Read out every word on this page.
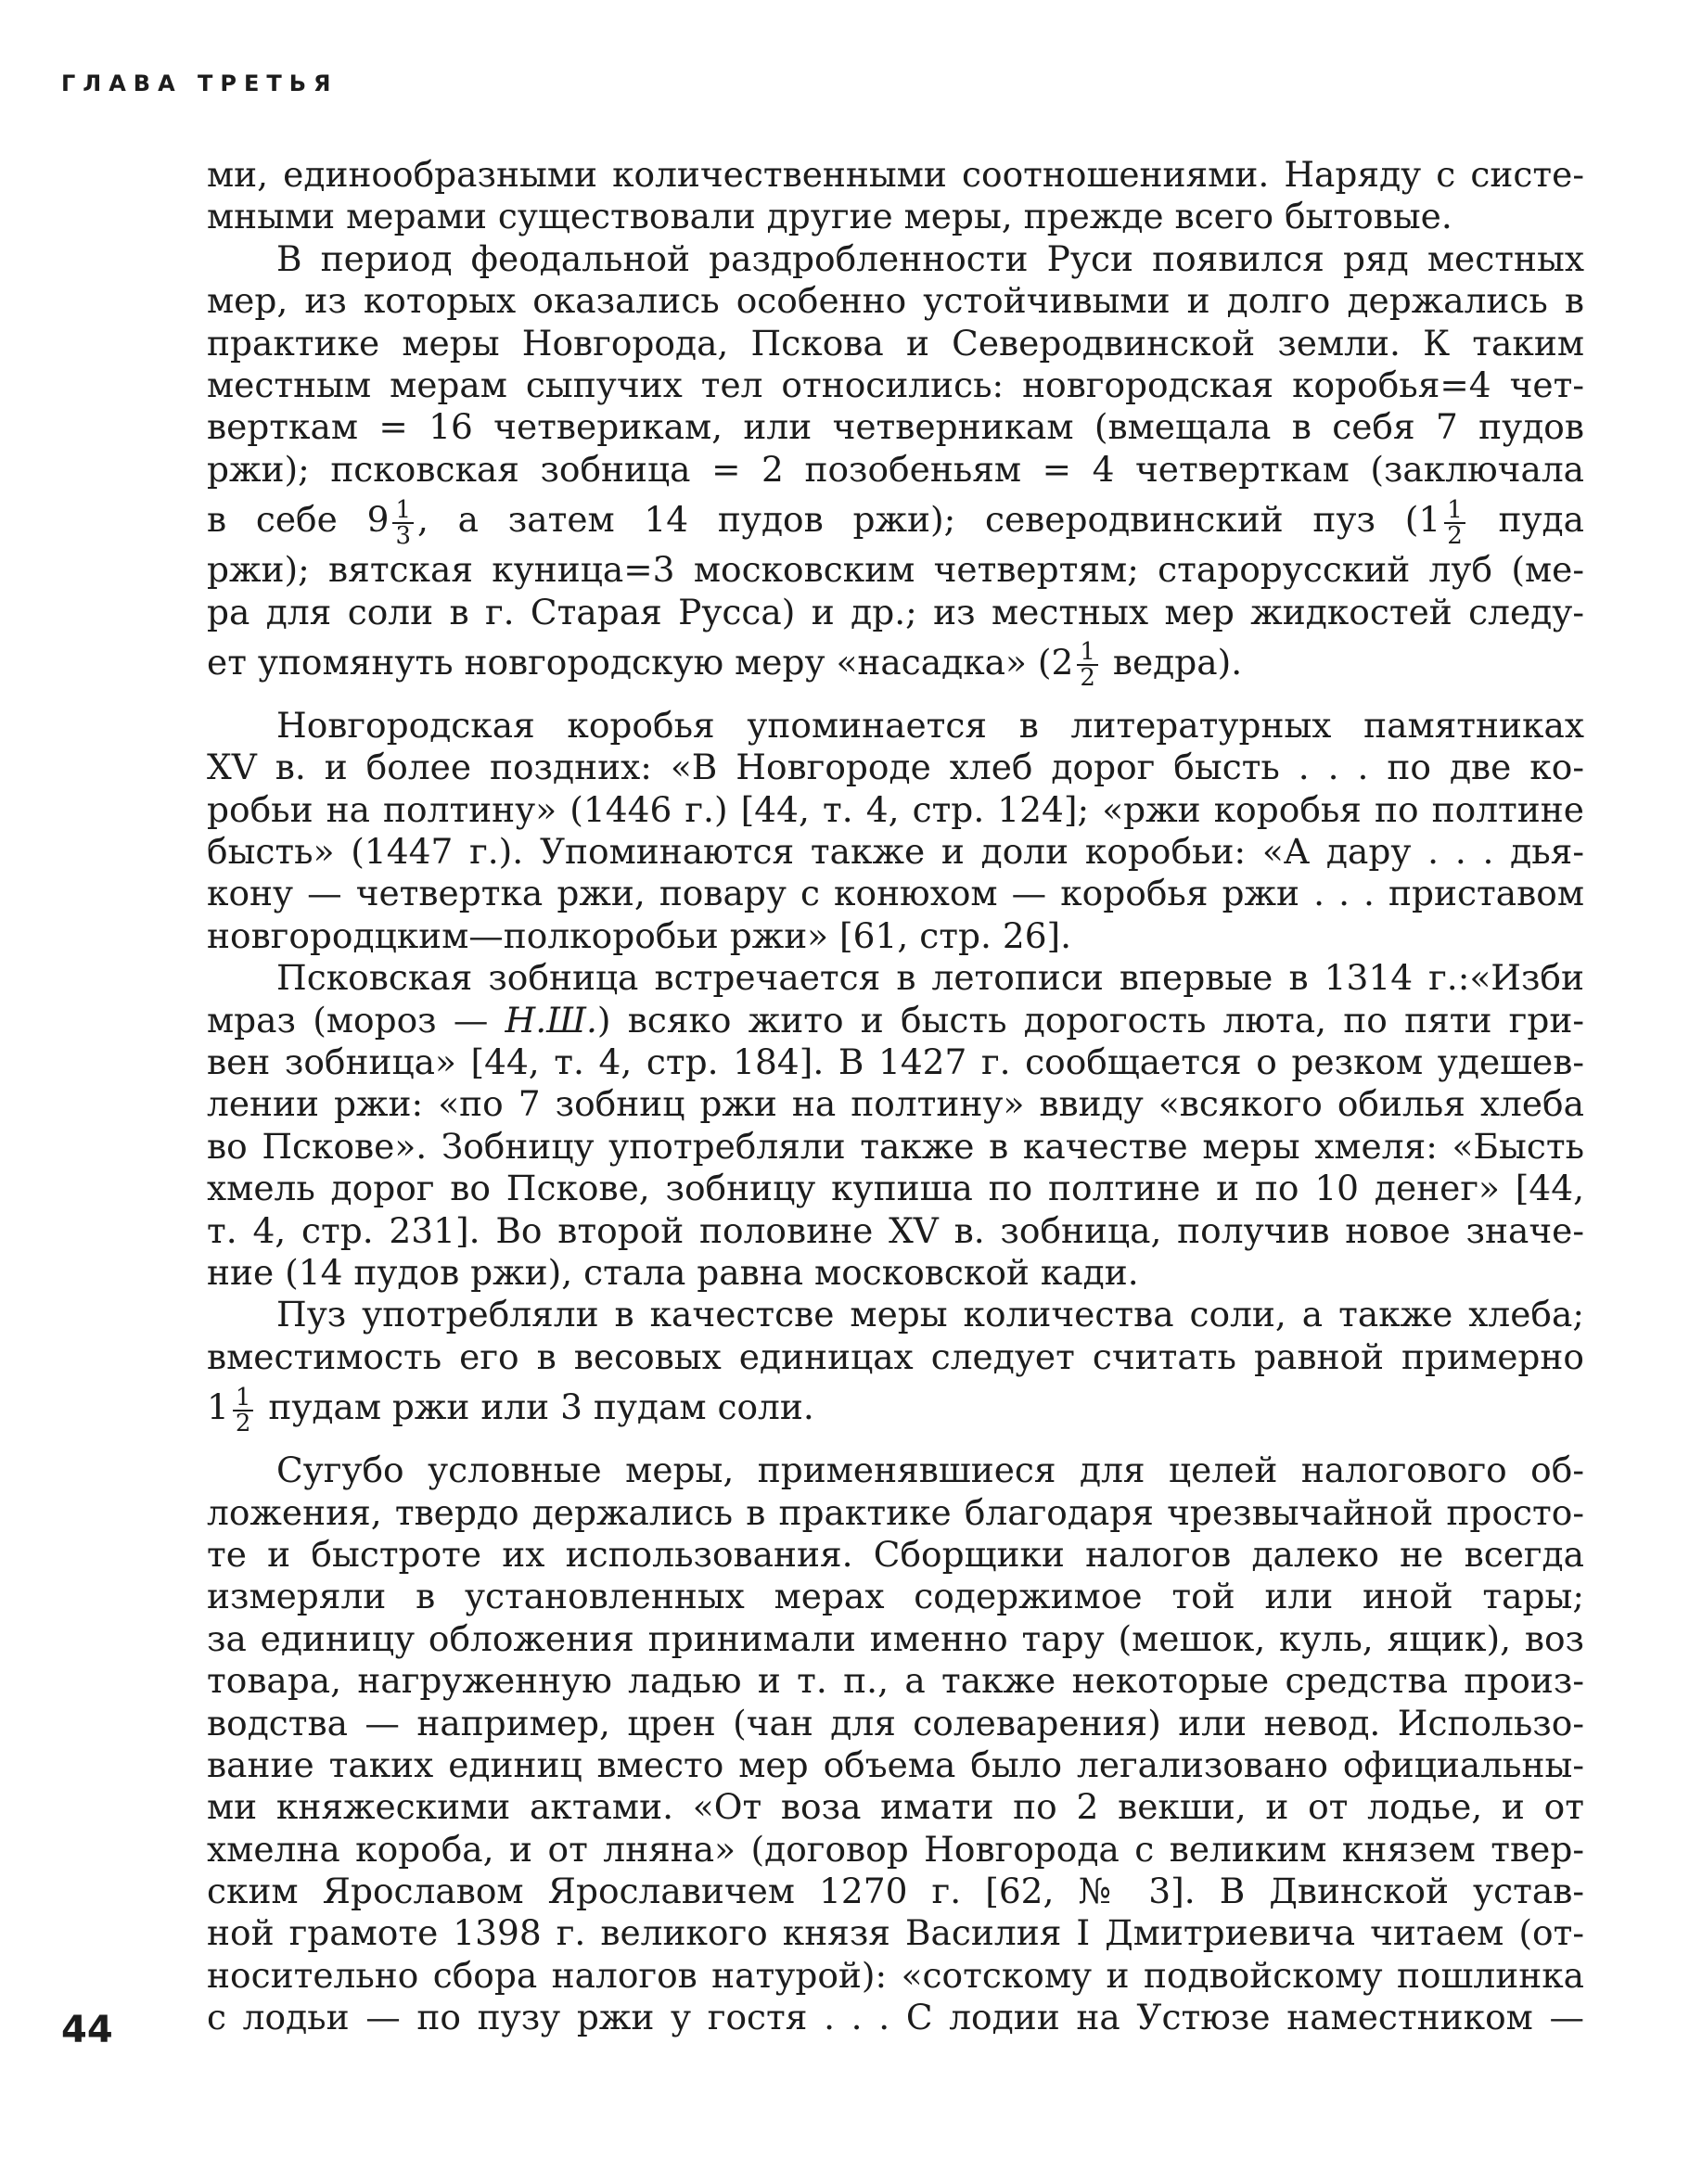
ГЛАВА ТРЕТЬЯ
ми, единообразными количественными соотношениями. Наряду с систе-
мными мерами существовали другие меры, прежде всего бытовые.
В период феодальной раздробленности Руси появился ряд местных
мер, из которых оказались особенно устойчивыми и долго держались в
практике меры Новгорода, Пскова и Северодвинской земли. К таким
местным мерам сыпучих тел относились: новгородская коробья=4 чет-
верткам = 16 четверикам, или четверникам (вмещала в себя 7 пудов
ржи); псковская зобница = 2 позобеньям = 4 четверткам (заключала
в себе $9 \frac{1}{3}$ , а затем 14 пудов ржи); северодвинский пуз ($1 \frac{1}{2}$ пуда
ржи); вятская куница=3 московским четвертям; старорусский луб (ме-
ра для соли в г. Старая Русса) и др.; из местных мер жидкостей следу-
ет упомянуть новгородскую меру «насадка» ($2 \frac{1}{2}$ ведра).
Новгородская коробья упоминается в литературных памятниках
XV в. и более поздних: «В Новгороде хлеб дорог бысть . . . по две ко-
робьи на полтину» (1446 г.) [44, т. 4, стр. 124]; «ржи коробья по полтине
бысть» (1447 г.). Упоминаются также и доли коробьи: «А дару . . . дья-
кону — четвертка ржи, повару с конюхом — коробья ржи . . . приставом
новгородцким—полкоробьи ржи» [61, стр. 26].
Псковская зобница встречается в летописи впервые в 1314 г.:«Изби
мраз (мороз — Н.Ш.) всяко жито и бысть дорогость люта, по пяти гри-
вен зобница» [44, т. 4, стр. 184]. В 1427 г. сообщается о резком удешев-
лении ржи: «по 7 зобниц ржи на полтину» ввиду «всякого обилья хлеба
во Пскове». Зобницу употребляли также в качестве меры хмеля: «Бысть
хмель дорог во Пскове, зобницу купиша по полтине и по 10 денег» [44,
т. 4, стр. 231]. Во второй половине XV в. зобница, получив новое значе-
ние (14 пудов ржи), стала равна московской кади.
Пуз употребляли в качестсве меры количества соли, а также хлеба;
вместимость его в весовых единицах следует считать равной примерно
$1 \frac{1}{2}$ пудам ржи или 3 пудам соли.
Сугубо условные меры, применявшиеся для целей налогового об-
ложения, твердо держались в практике благодаря чрезвычайной просто-
те и быстроте их использования. Сборщики налогов далеко не всегда
измеряли в установленных мерах содержимое той или иной тары;
за единицу обложения принимали именно тару (мешок, куль, ящик), воз
товара, нагруженную ладью и т. п., а также некоторые средства произ-
водства — например, црен (чан для солеварения) или невод. Использо-
вание таких единиц вместо мер объема было легализовано официальны-
ми княжескими актами. «От воза имати по 2 векши, и от лодье, и от
хмелна короба, и от лняна» (договор Новгорода с великим князем твер-
ским Ярославом Ярославичем 1270 г. [62, № 3]. В Двинской устав-
ной грамоте 1398 г. великого князя Василия I Дмитриевича читаем (от-
носительно сбора налогов натурой): «сотскому и подвойскому пошлинка
с лодьи — по пузу ржи у гостя . . . С лодии на Устюзе наместником —
44
